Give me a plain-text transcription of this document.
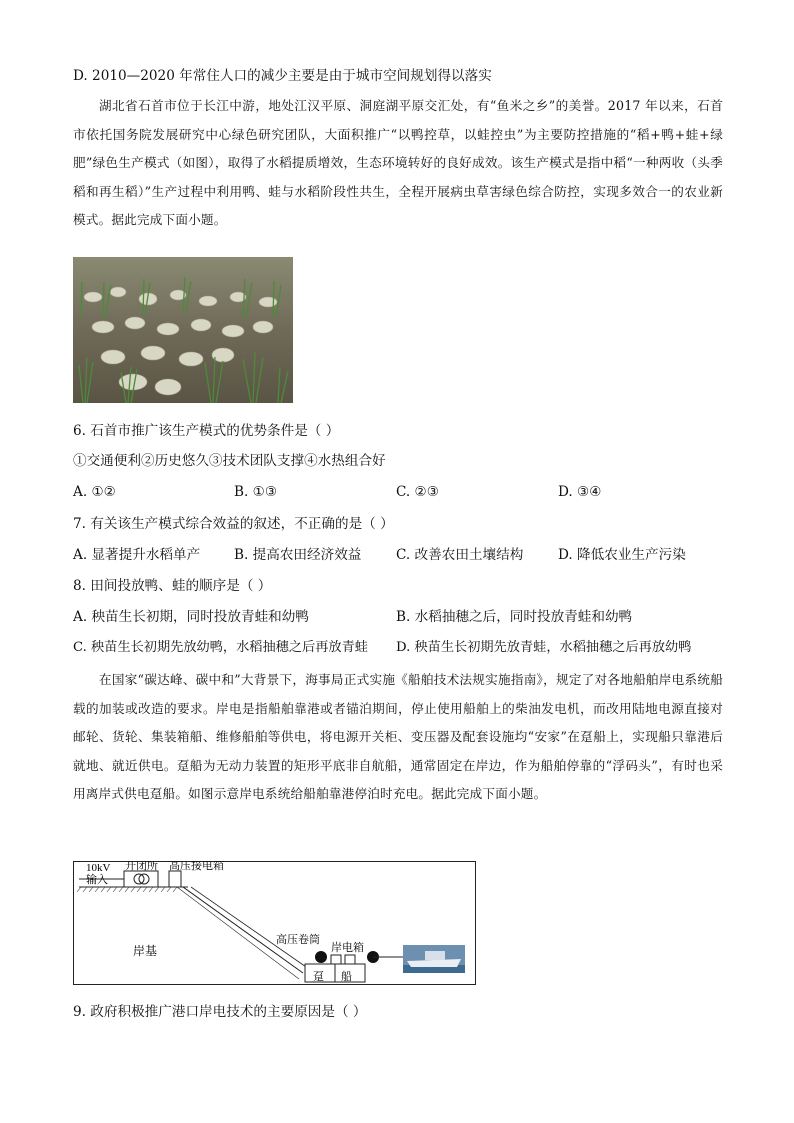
D. 2010—2020 年常住人口的减少主要是由于城市空间规划得以落实
湖北省石首市位于长江中游，地处江汉平原、洞庭湖平原交汇处，有“鱼米之乡”的美誉。2017 年以来，石首市依托国务院发展研究中心绿色研究团队，大面积推广“以鸭控草，以蛙控虫”为主要防控措施的“稻+鸭+蛙+绿肥”绿色生产模式（如图），取得了水稻提质增效，生态环境转好的良好成效。该生产模式是指中稻“一种两收（头季稻和再生稻）”生产过程中利用鸭、蛙与水稻阶段性共生，全程开展病虫草害绿色综合防控，实现多效合一的农业新模式。据此完成下面小题。
6. 石首市推广该生产模式的优势条件是（ ）
①交通便利②历史悠久③技术团队支撑④水热组合好
A. ①②	B. ①③	C. ②③	D. ③④
7. 有关该生产模式综合效益的叙述，不正确的是（ ）
A. 显著提升水稻单产 B. 提高农田经济效益	C. 改善农田土壤结构	D. 降低农业生产污染
8. 田间投放鸭、蛙的顺序是（ ）
A. 秧苗生长初期，同时投放青蛙和幼鸭	B. 水稻抽穗之后，同时投放青蛙和幼鸭
C. 秧苗生长初期先放幼鸭，水稻抽穗之后再放青蛙 D. 秧苗生长初期先放青蛙，水稻抽穗之后再放幼鸭
在国家“碳达峰、碳中和”大背景下，海事局正式实施《船舶技术法规实施指南》，规定了对各地船舶岸电系统船载的加装或改造的要求。岸电是指船舶靠港或者锚泊期间，停止使用船舶上的柴油发电机，而改用陆地电源直接对邮轮、货轮、集装箱船、维修船舶等供电，将电源开关柜、变压器及配套设施均“安家”在趸船上，实现船只靠港后就地、就近供电。趸船为无动力装置的矩形平底非自航船，通常固定在岸边，作为船舶停靠的“浮码头”，有时也采用离岸式供电趸船。如图示意岸电系统给船舶靠港停泊时充电。据此完成下面小题。
10kV
输入
开闭所 高压接电箱
岸基
高压卷筒
岸电箱
趸 船
9. 政府积极推广港口岸电技术的主要原因是（ ）
